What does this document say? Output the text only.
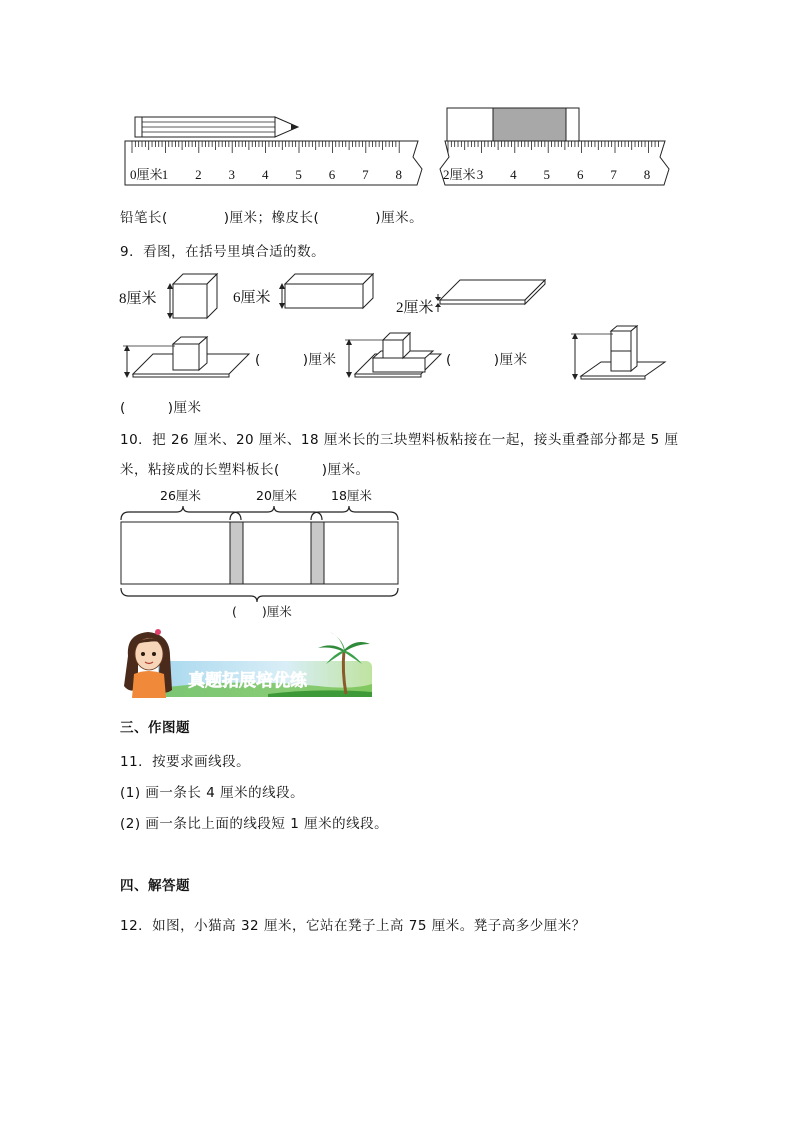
0厘米 1 2 3 4 5 6 7 8	2厘米 3 4 5 6 7 8
铅笔长(　　　　)厘米；橡皮长(　　　　)厘米。
9．看图，在括号里填合适的数。
8厘米	6厘米
2厘米
(　　　)厘米	(　　　)厘米
(　　　)厘米
10．把 26 厘米、20 厘米、18 厘米长的三块塑料板粘接在一起，接头重叠部分都是 5 厘
米，粘接成的长塑料板长(　　　)厘米。
26厘米	20厘米	18厘米
(　　)厘米
真题拓展培优练
三、作图题
11．按要求画线段。
(1) 画一条长 4 厘米的线段。
(2) 画一条比上面的线段短 1 厘米的线段。
四、解答题
12．如图，小猫高 32 厘米，它站在凳子上高 75 厘米。凳子高多少厘米？
